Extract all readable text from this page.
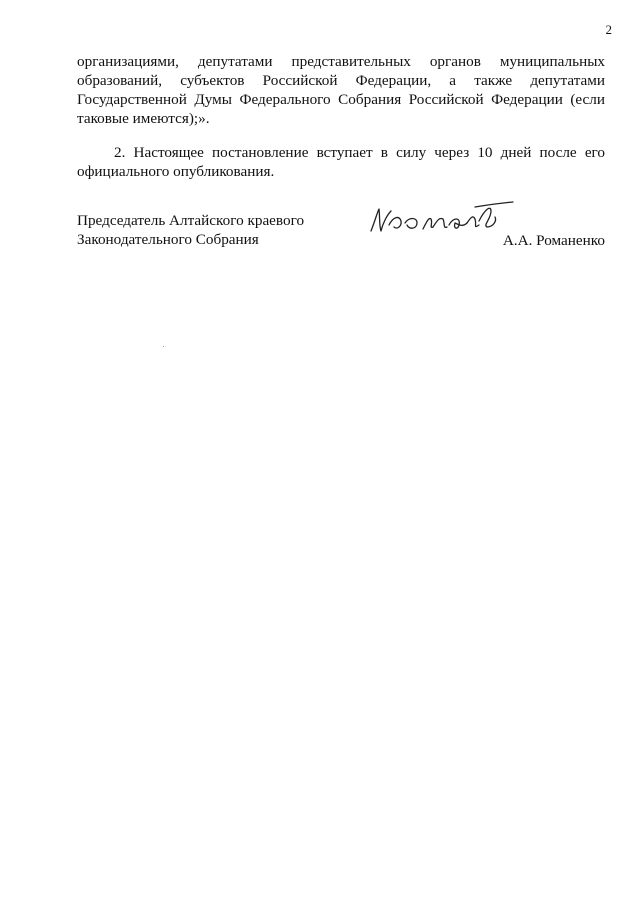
2

организациями, депутатами представительных органов муниципальных образований, субъектов Российской Федерации, а также депутатами Государственной Думы Федерального Собрания Российской Федерации (если таковые имеются);».

2. Настоящее постановление вступает в силу через 10 дней после его официального опубликования.

Председатель Алтайского краевого
Законодательного Собрания	А.А. Романенко
